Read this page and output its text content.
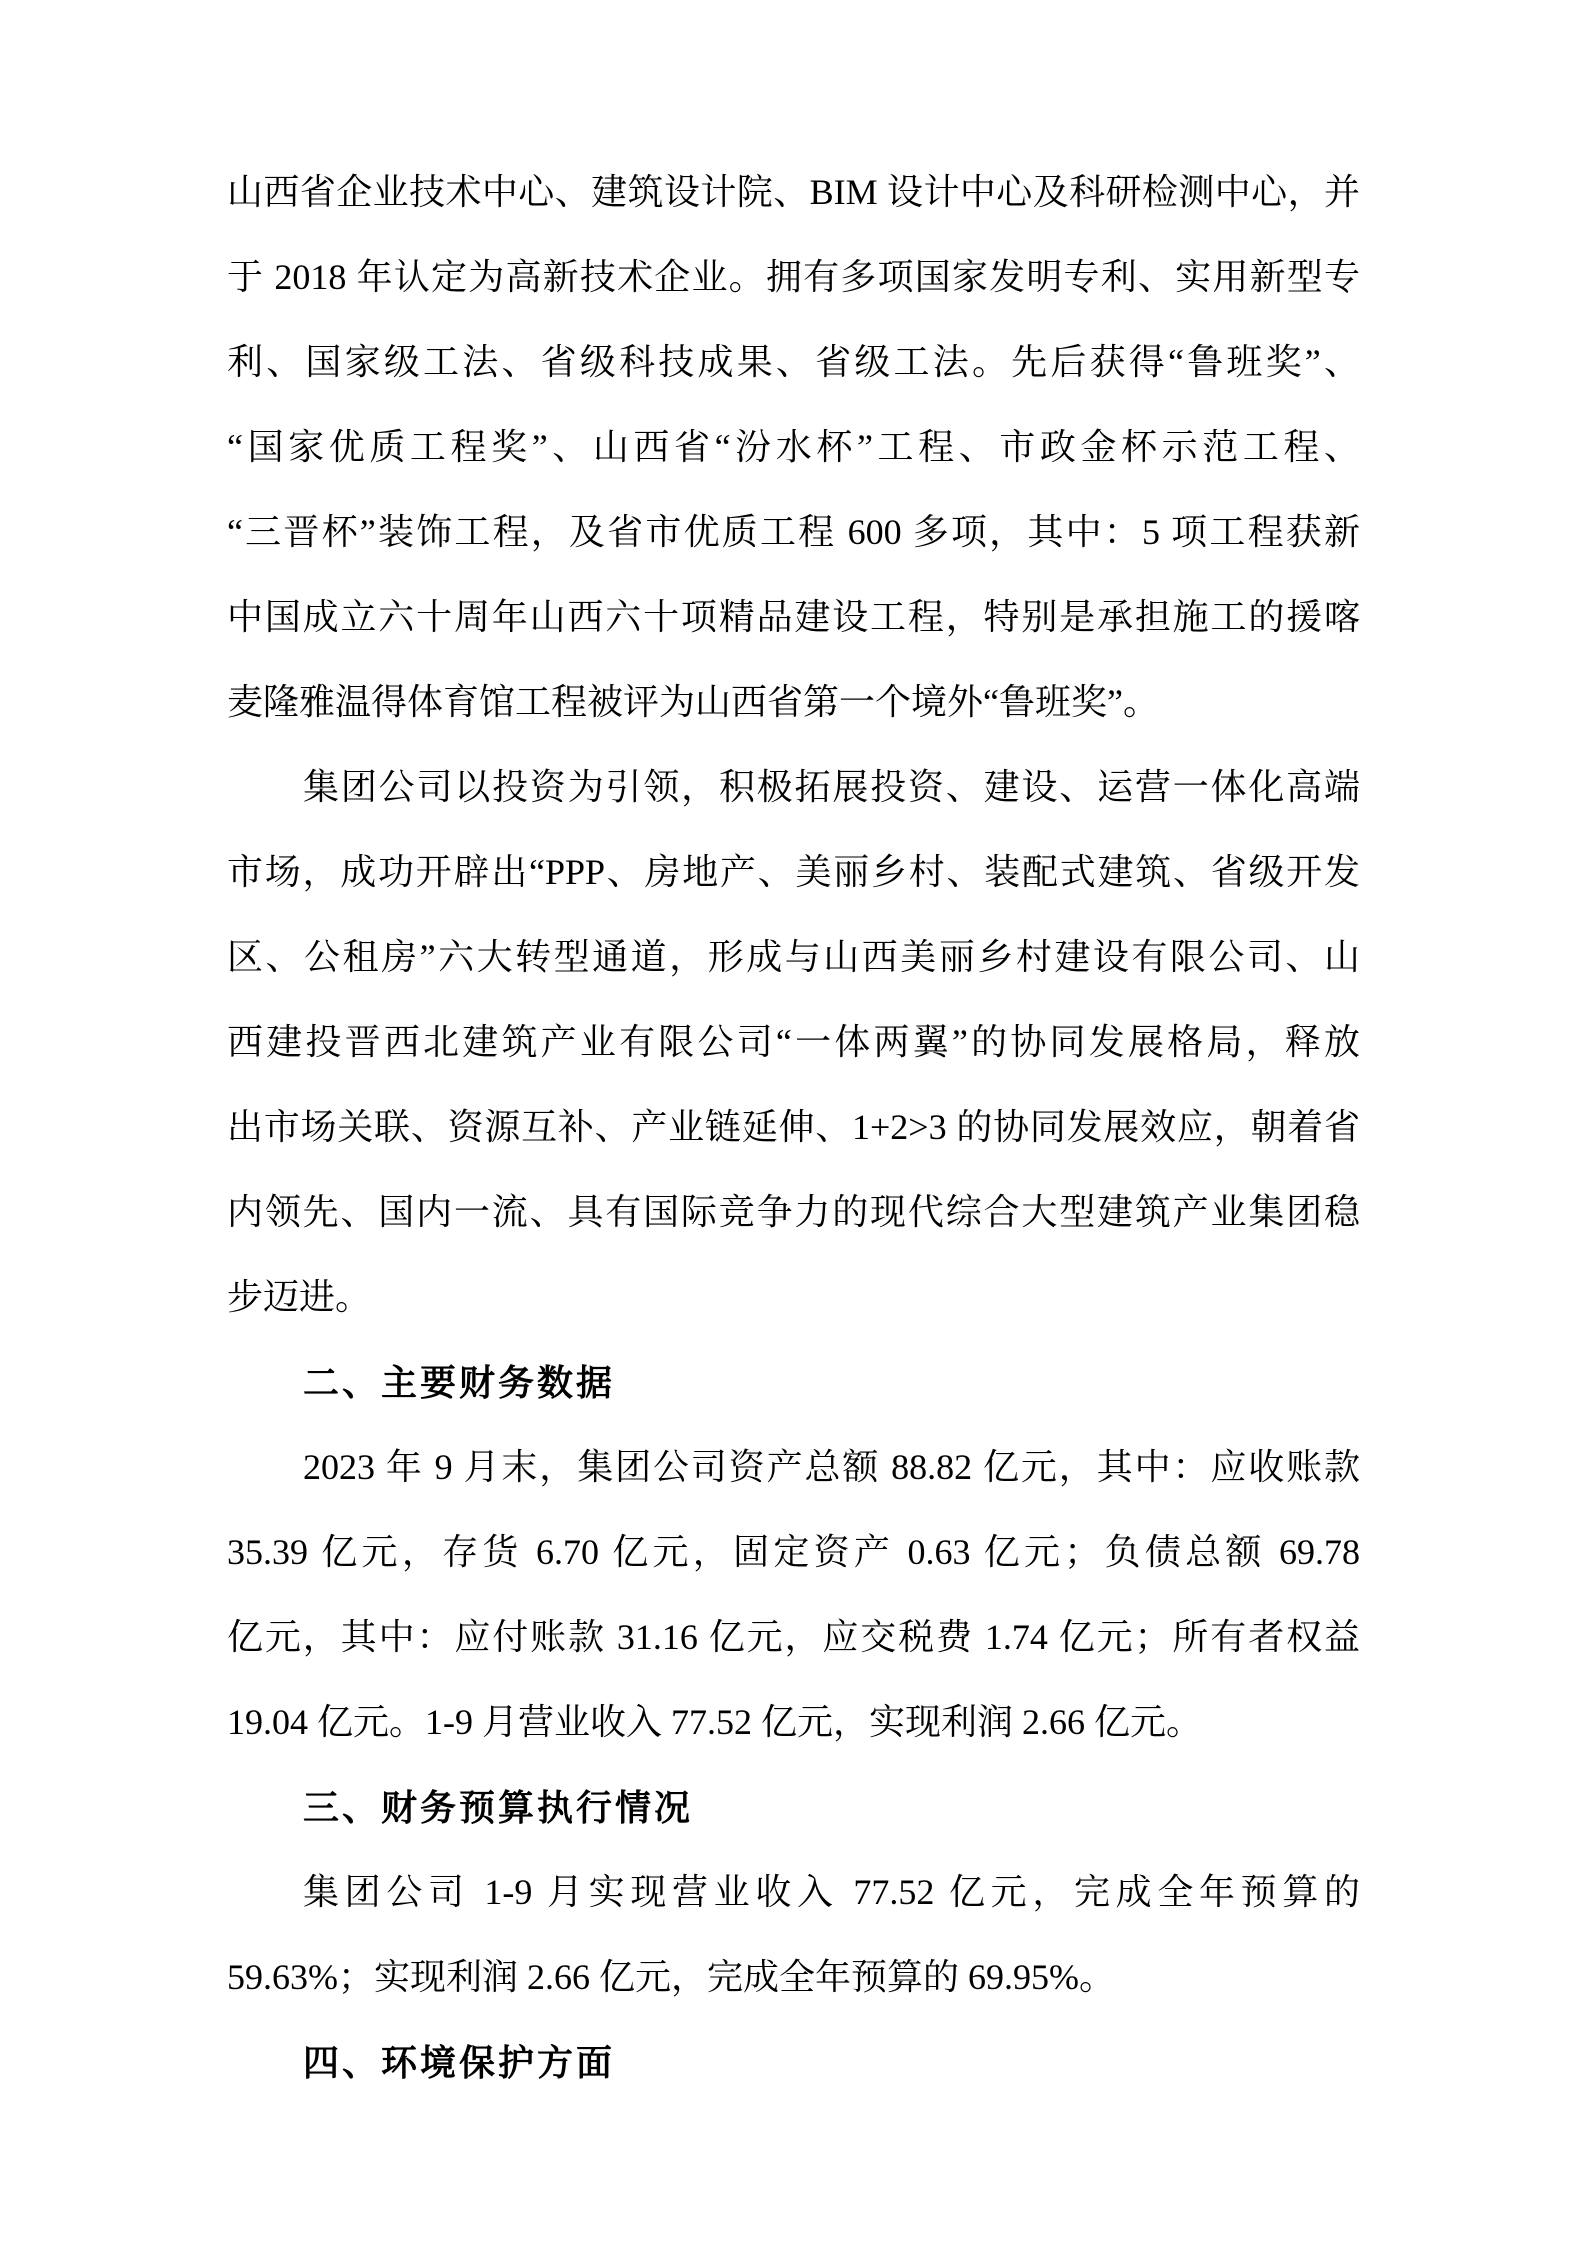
山西省企业技术中心、建筑设计院、BIM 设计中心及科研检测中心，并
于 2018 年认定为高新技术企业。拥有多项国家发明专利、实用新型专
利、国家级工法、省级科技成果、省级工法。先后获得“鲁班奖”、
“国家优质工程奖”、山西省“汾水杯”工程、市政金杯示范工程、
“三晋杯”装饰工程，及省市优质工程 600 多项，其中：5 项工程获新
中国成立六十周年山西六十项精品建设工程，特别是承担施工的援喀
麦隆雅温得体育馆工程被评为山西省第一个境外“鲁班奖”。
集团公司以投资为引领，积极拓展投资、建设、运营一体化高端
市场，成功开辟出“PPP、房地产、美丽乡村、装配式建筑、省级开发
区、公租房”六大转型通道，形成与山西美丽乡村建设有限公司、山
西建投晋西北建筑产业有限公司“一体两翼”的协同发展格局，释放
出市场关联、资源互补、产业链延伸、1+2>3 的协同发展效应，朝着省
内领先、国内一流、具有国际竞争力的现代综合大型建筑产业集团稳
步迈进。
二、主要财务数据
2023 年 9 月末，集团公司资产总额 88.82 亿元，其中：应收账款
35.39 亿元，存货 6.70 亿元，固定资产 0.63 亿元；负债总额 69.78
亿元，其中：应付账款 31.16 亿元，应交税费 1.74 亿元；所有者权益
19.04 亿元。1-9 月营业收入 77.52 亿元，实现利润 2.66 亿元。
三、财务预算执行情况
集团公司 1-9 月实现营业收入 77.52 亿元，完成全年预算的
59.63%；实现利润 2.66 亿元，完成全年预算的 69.95%。
四、环境保护方面
